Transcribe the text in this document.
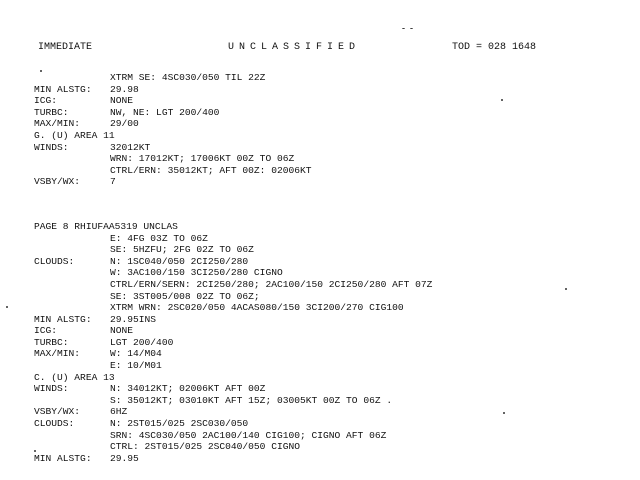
IMMEDIATE	UNCLASSIFIED	TOD = 028 1648
XTRM SE: 4SC030/050 TIL 22Z
MIN ALSTG: 29.98
ICG:	NONE
TURBC:	NW, NE: LGT 200/400
MAX/MIN:	29/00
G. (U) AREA 11
WINDS:	32012KT
WRN: 17012KT; 17006KT 00Z TO 06Z
CTRL/ERN: 35012KT; AFT 00Z: 02006KT
VSBY/WX:	7
PAGE 8 RHIUFAA5319 UNCLAS
E: 4FG 03Z TO 06Z
SE: 5HZFU; 2FG 02Z TO 06Z
CLOUDS:	N: 1SC040/050 2CI250/280
W: 3AC100/150 3CI250/280 CIGNO
CTRL/ERN/SERN: 2CI250/280; 2AC100/150 2CI250/280 AFT 07Z
SE: 3ST005/008 02Z TO 06Z;
XTRM WRN: 2SC020/050 4ACAS080/150 3CI200/270 CIG100
MIN ALSTG: 29.95INS
ICG:	NONE
TURBC:	LGT 200/400
MAX/MIN:	W: 14/M04
E: 10/M01
C. (U) AREA 13
WINDS:	N: 34012KT; 02006KT AFT 00Z
S: 35012KT; 03010KT AFT 15Z; 03005KT 00Z TO 06Z .
VSBY/WX:	6HZ
CLOUDS:	N: 2ST015/025 2SC030/050
SRN: 4SC030/050 2AC100/140 CIG100; CIGNO AFT 06Z
CTRL: 2ST015/025 2SC040/050 CIGNO
MIN ALSTG: 29.95
